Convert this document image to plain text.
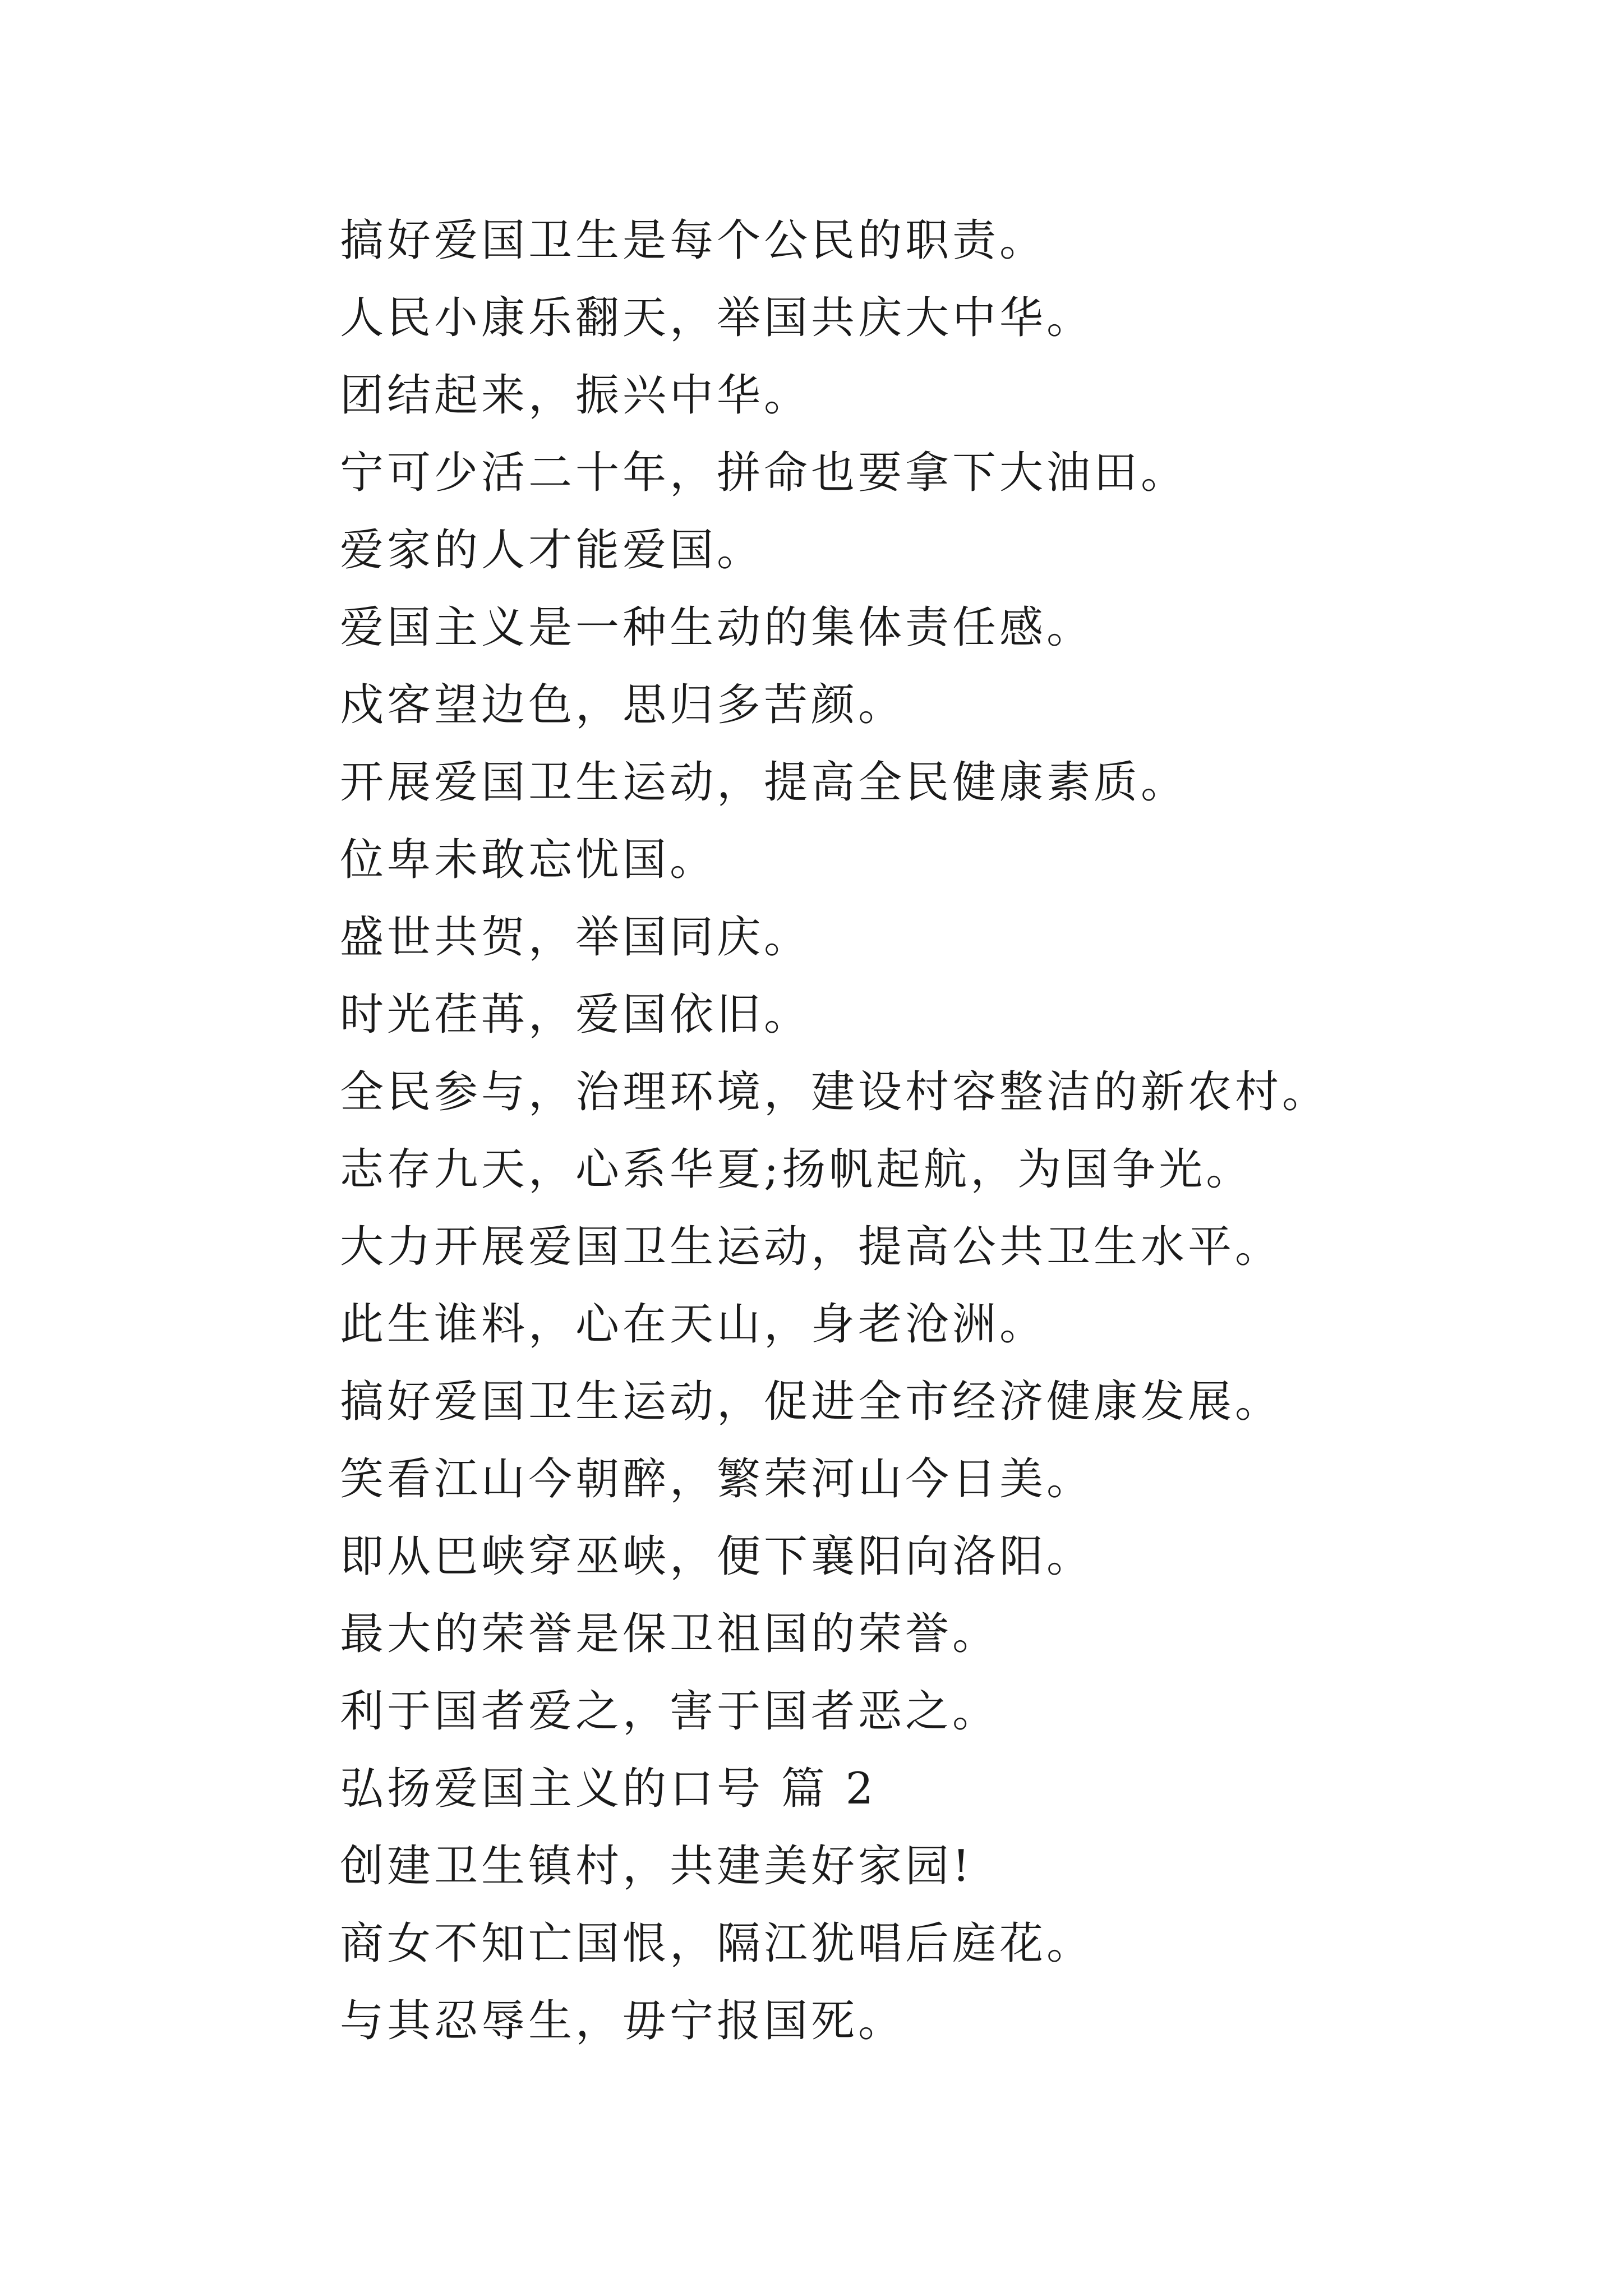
搞好爱国卫生是每个公民的职责。
人民小康乐翻天，举国共庆大中华。
团结起来，振兴中华。
宁可少活二十年，拼命也要拿下大油田。
爱家的人才能爱国。
爱国主义是一种生动的集体责任感。
戍客望边色，思归多苦颜。
开展爱国卫生运动，提高全民健康素质。
位卑未敢忘忧国。
盛世共贺，举国同庆。
时光荏苒，爱国依旧。
全民参与，治理环境，建设村容整洁的新农村。
志存九天，心系华夏;扬帆起航，为国争光。
大力开展爱国卫生运动，提高公共卫生水平。
此生谁料，心在天山，身老沧洲。
搞好爱国卫生运动，促进全市经济健康发展。
笑看江山今朝醉，繁荣河山今日美。
即从巴峡穿巫峡，便下襄阳向洛阳。
最大的荣誉是保卫祖国的荣誉。
利于国者爱之，害于国者恶之。
弘扬爱国主义的口号 篇 2
创建卫生镇村，共建美好家园!
商女不知亡国恨，隔江犹唱后庭花。
与其忍辱生，毋宁报国死。
